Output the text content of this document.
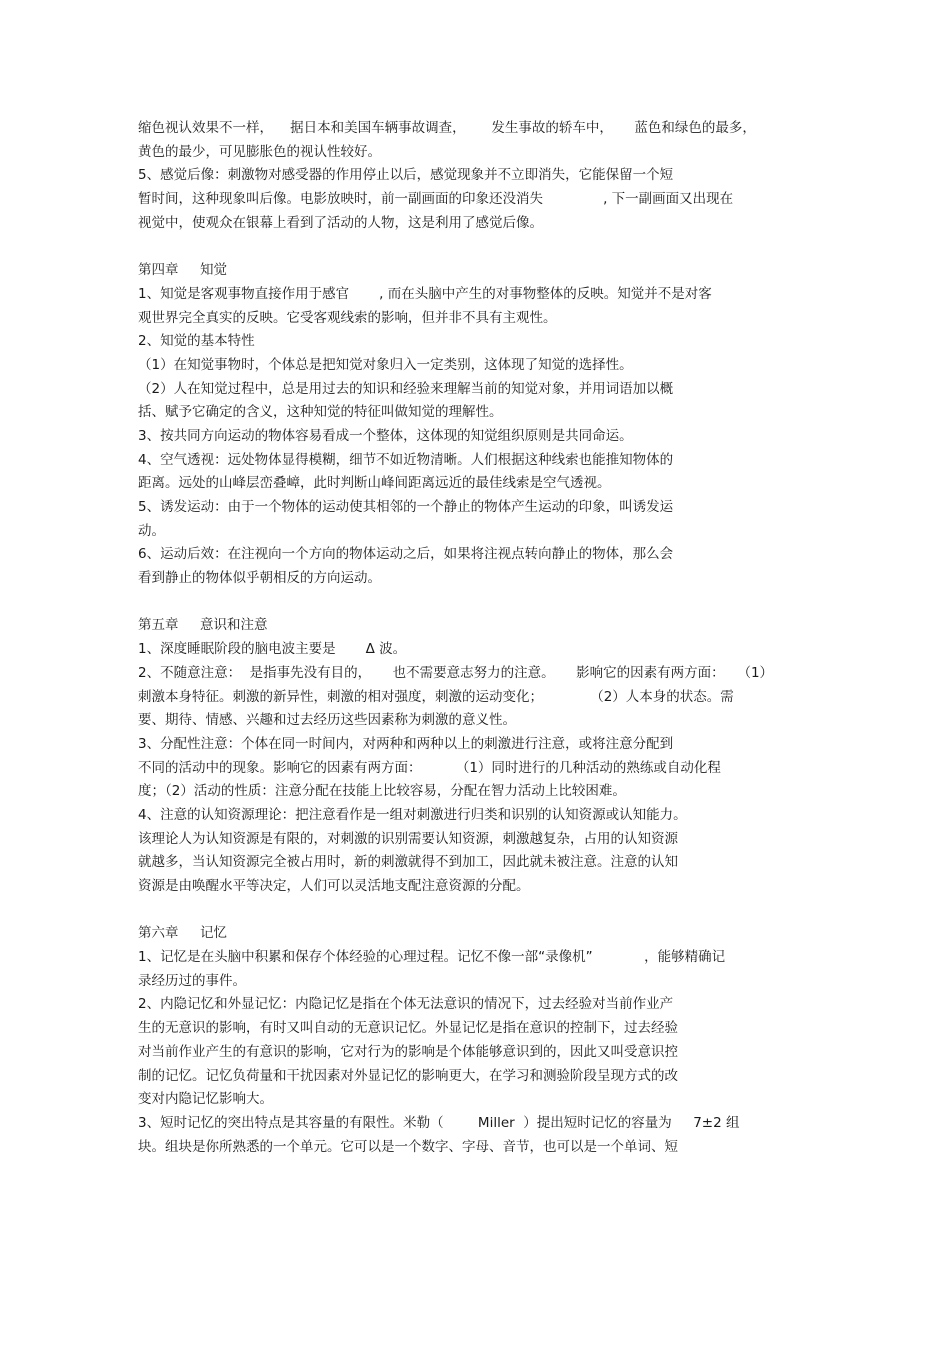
缩色视认效果不一样，    据日本和美国车辆事故调查，      发生事故的轿车中，     蓝色和绿色的最多，
黄色的最少，可见膨胀色的视认性较好。
5、感觉后像：刺激物对感受器的作用停止以后，感觉现象并不立即消失，它能保留一个短
暂时间，这种现象叫后像。电影放映时，前一副画面的印象还没消失              , 下一副画面又出现在
视觉中，使观众在银幕上看到了活动的人物，这是利用了感觉后像。
第四章     知觉
1、知觉是客观事物直接作用于感官       , 而在头脑中产生的对事物整体的反映。知觉并不是对客
观世界完全真实的反映。它受客观线索的影响，但并非不具有主观性。
2、知觉的基本特性
（1）在知觉事物时，个体总是把知觉对象归入一定类别，这体现了知觉的选择性。
（2）人在知觉过程中，总是用过去的知识和经验来理解当前的知觉对象，并用词语加以概
括、赋予它确定的含义，这种知觉的特征叫做知觉的理解性。
3、按共同方向运动的物体容易看成一个整体，这体现的知觉组织原则是共同命运。
4、空气透视：远处物体显得模糊，细节不如近物清晰。人们根据这种线索也能推知物体的
距离。远处的山峰层峦叠嶂，此时判断山峰间距离远近的最佳线索是空气透视。
5、诱发运动：由于一个物体的运动使其相邻的一个静止的物体产生运动的印象，叫诱发运
动。
6、运动后效：在注视向一个方向的物体运动之后，如果将注视点转向静止的物体，那么会
看到静止的物体似乎朝相反的方向运动。
第五章     意识和注意
1、深度睡眠阶段的脑电波主要是       Δ 波。
2、不随意注意：  是指事先没有目的，     也不需要意志努力的注意。     影响它的因素有两方面：   （1）
刺激本身特征。刺激的新异性，刺激的相对强度，刺激的运动变化；           （2）人本身的状态。需
要、期待、情感、兴趣和过去经历这些因素称为刺激的意义性。
3、分配性注意：个体在同一时间内，对两种和两种以上的刺激进行注意，或将注意分配到
不同的活动中的现象。影响它的因素有两方面：        （1）同时进行的几种活动的熟练或自动化程
度；（2）活动的性质：注意分配在技能上比较容易，分配在智力活动上比较困难。
4、注意的认知资源理论：把注意看作是一组对刺激进行归类和识别的认知资源或认知能力。
该理论人为认知资源是有限的，对刺激的识别需要认知资源，刺激越复杂，占用的认知资源
就越多，当认知资源完全被占用时，新的刺激就得不到加工，因此就未被注意。注意的认知
资源是由唤醒水平等决定，人们可以灵活地支配注意资源的分配。
第六章     记忆
1、记忆是在头脑中积累和保存个体经验的心理过程。记忆不像一部“录像机”            ，能够精确记
录经历过的事件。
2、内隐记忆和外显记忆：内隐记忆是指在个体无法意识的情况下，过去经验对当前作业产
生的无意识的影响，有时又叫自动的无意识记忆。外显记忆是指在意识的控制下，过去经验
对当前作业产生的有意识的影响，它对行为的影响是个体能够意识到的，因此又叫受意识控
制的记忆。记忆负荷量和干扰因素对外显记忆的影响更大，在学习和测验阶段呈现方式的改
变对内隐记忆影响大。
3、短时记忆的突出特点是其容量的有限性。米勒（        Miller  ）提出短时记忆的容量为     7±2 组
块。组块是你所熟悉的一个单元。它可以是一个数字、字母、音节，也可以是一个单词、短
